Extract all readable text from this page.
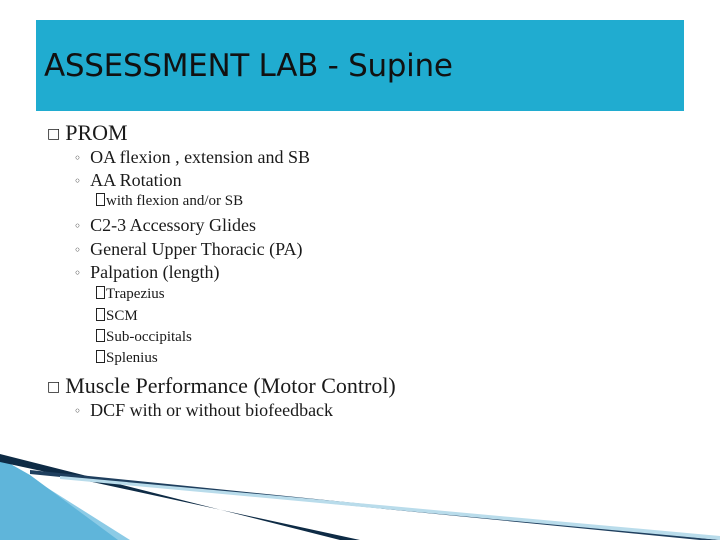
ASSESSMENT LAB - Supine
□ PROM
◦ OA flexion , extension and SB
◦ AA Rotation
with flexion and/or SB
◦ C2-3 Accessory Glides
◦ General Upper Thoracic (PA)
◦ Palpation (length)
Trapezius
SCM
Sub-occipitals
Splenius
□ Muscle Performance (Motor Control)
◦ DCF with or without biofeedback
